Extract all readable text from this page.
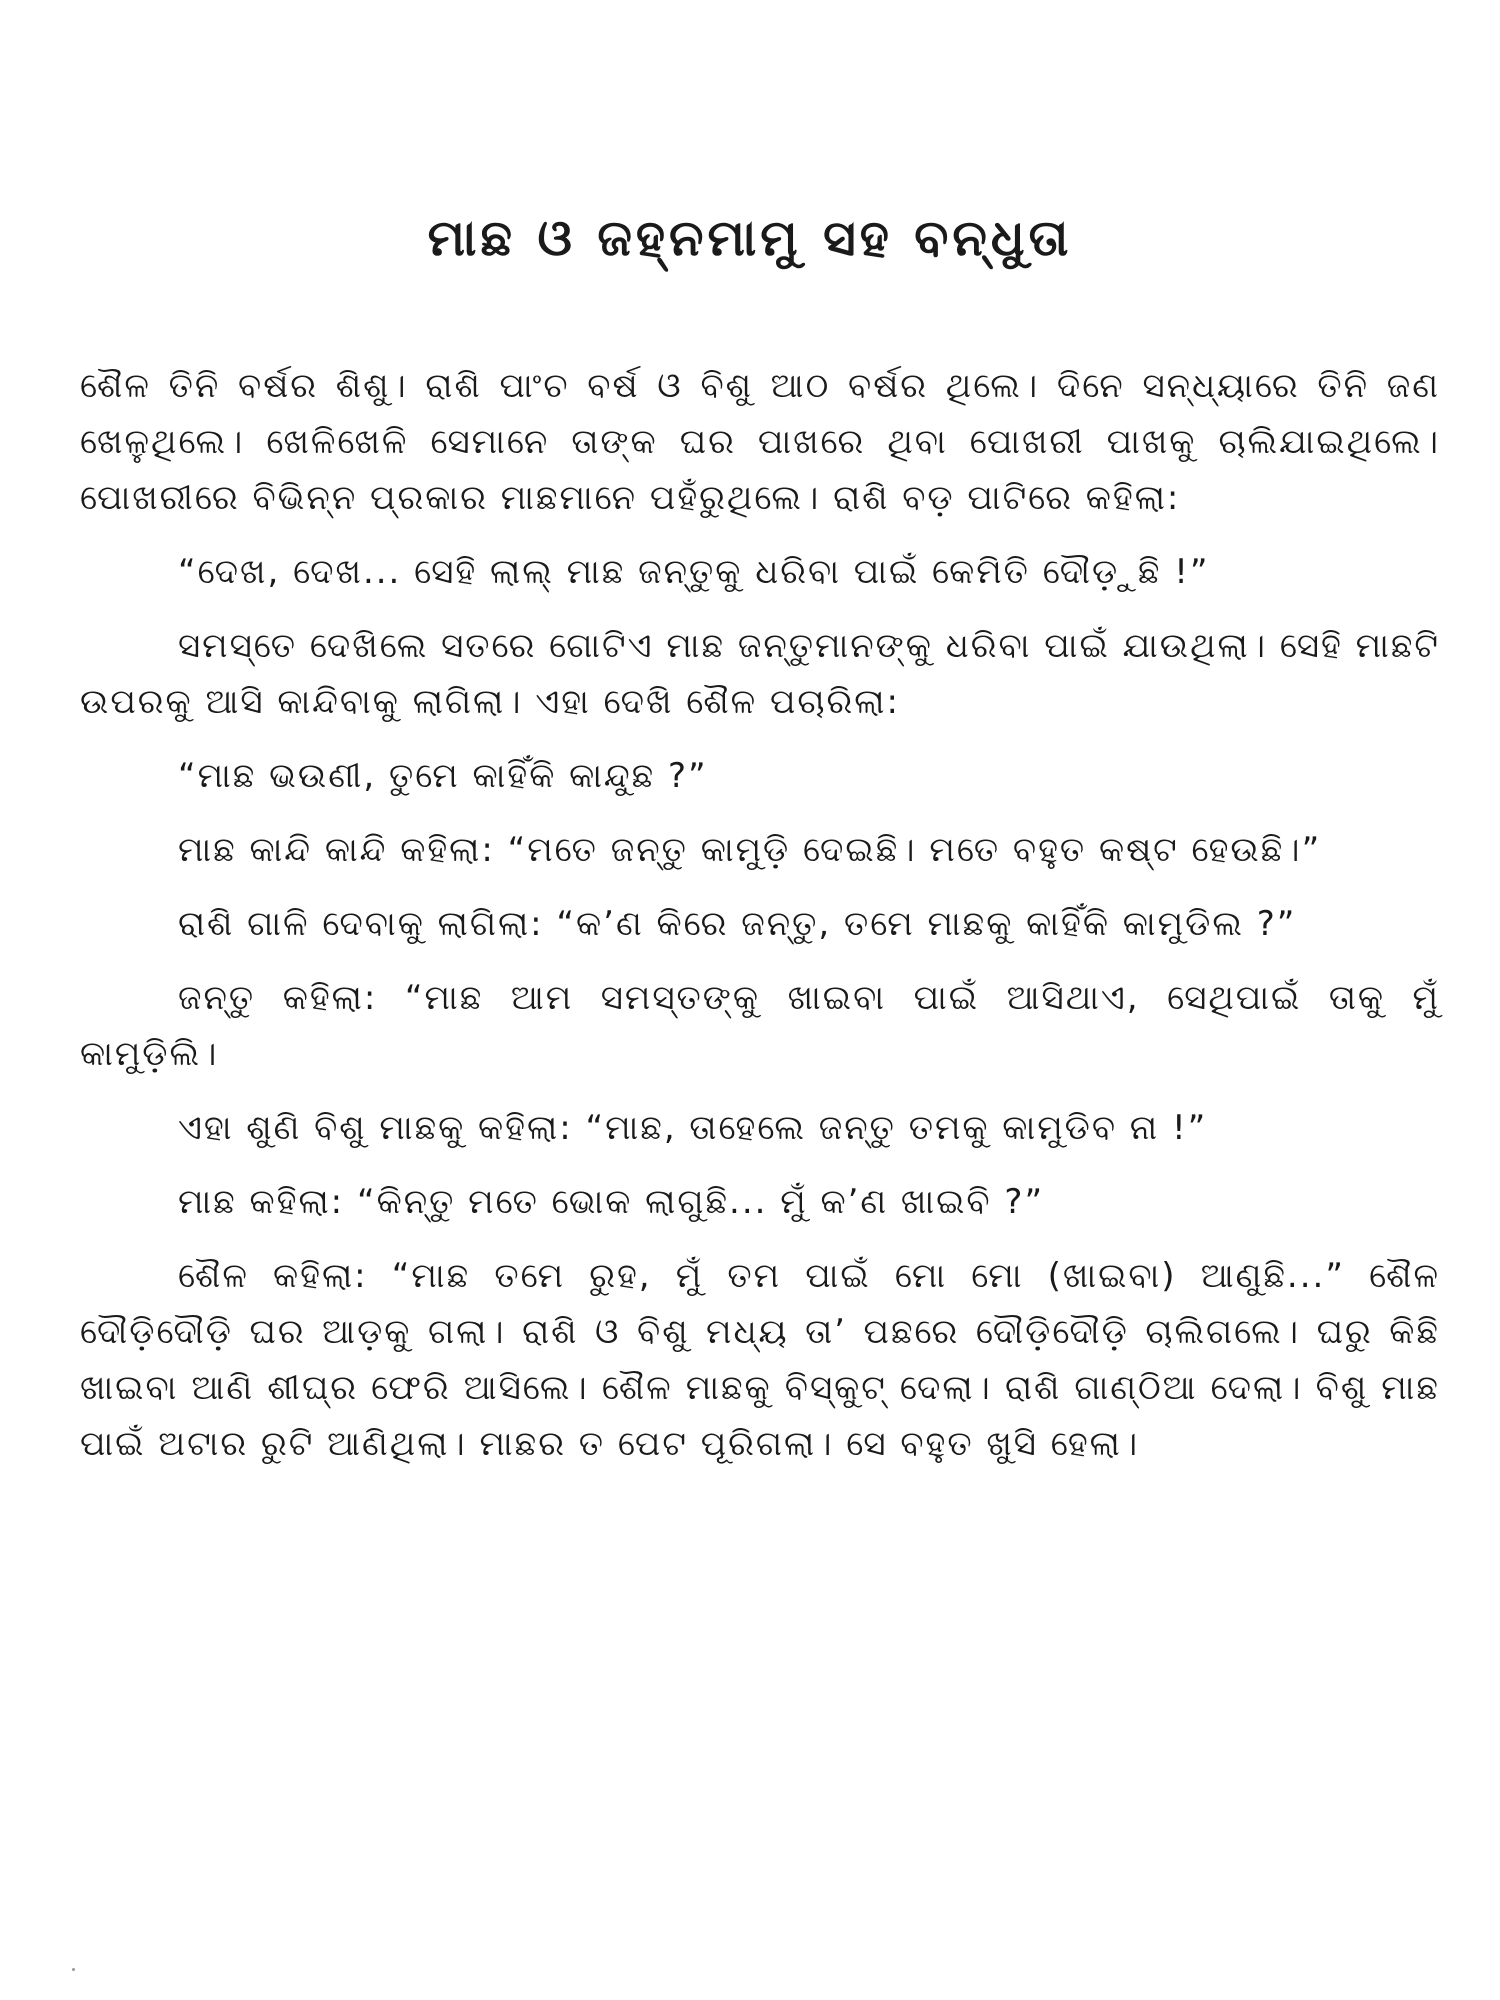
ମାଛ ଓ ଜହ୍ନମାମୁ ସହ ବନ୍ଧୁତା

ଶୈଳ ତିନି ବର୍ଷର ଶିଶୁ। ରାଶି ପାଂଚ ବର୍ଷ ଓ ବିଶୁ ଆଠ ବର୍ଷର ଥିଲେ। ଦିନେ ସନ୍ଧ୍ୟାରେ ତିନି ଜଣ ଖେଳୁଥିଲେ। ଖେଳିଖେଳି ସେମାନେ ତାଙ୍କ ଘର ପାଖରେ ଥିବା ପୋଖରୀ ପାଖକୁ ଚାଲିଯାଇଥିଲେ। ପୋଖରୀରେ ବିଭିନ୍ନ ପ୍ରକାର ମାଛମାନେ ପହଁରୁଥିଲେ। ରାଶି ବଡ଼ ପାଟିରେ କହିଲା:

“ଦେଖ, ଦେଖ... ସେହି ଲାଲ୍ ମାଛ ଜନ୍ତୁକୁ ଧରିବା ପାଇଁ କେମିତି ଦୌଡ଼ୁଛି !”

ସମସ୍ତେ ଦେଖିଲେ ସତରେ ଗୋଟିଏ ମାଛ ଜନ୍ତୁମାନଙ୍କୁ ଧରିବା ପାଇଁ ଯାଉଥିଲା। ସେହି ମାଛଟି ଉପରକୁ ଆସି କାନ୍ଦିବାକୁ ଲାଗିଲା। ଏହା ଦେଖି ଶୈଳ ପଚାରିଲା:

“ମାଛ ଭଉଣୀ, ତୁମେ କାହିଁକି କାନ୍ଦୁଛ ?”

ମାଛ କାନ୍ଦି କାନ୍ଦି କହିଲା: “ମତେ ଜନ୍ତୁ କାମୁଡ଼ି ଦେଇଛି। ମତେ ବହୁତ କଷ୍ଟ ହେଉଛି।”

ରାଶି ଗାଳି ଦେବାକୁ ଲାଗିଲା: “କ’ଣ କିରେ ଜନ୍ତୁ, ତମେ ମାଛକୁ କାହିଁକି କାମୁଡିଲ ?”

ଜନ୍ତୁ କହିଲା: “ମାଛ ଆମ ସମସ୍ତଙ୍କୁ ଖାଇବା ପାଇଁ ଆସିଥାଏ, ସେଥିପାଇଁ ତାକୁ ମୁଁ କାମୁଡ଼ିଲି।

ଏହା ଶୁଣି ବିଶୁ ମାଛକୁ କହିଲା: “ମାଛ, ତାହେଲେ ଜନ୍ତୁ ତମକୁ କାମୁଡିବ ନା !”

ମାଛ କହିଲା: “କିନ୍ତୁ ମତେ ଭୋକ ଲାଗୁଛି... ମୁଁ କ’ଣ ଖାଇବି ?”

ଶୈଳ କହିଲା: “ମାଛ ତମେ ରୁହ, ମୁଁ ତମ ପାଇଁ ମୋ ମୋ (ଖାଇବା) ଆଣୁଛି...” ଶୈଳ ଦୌଡ଼ିଦୌଡ଼ି ଘର ଆଡ଼କୁ ଗଲା। ରାଶି ଓ ବିଶୁ ମଧ୍ୟ ତା’ ପଛରେ ଦୌଡ଼ିଦୌଡ଼ି ଚାଲିଗଲେ। ଘରୁ କିଛି ଖାଇବା ଆଣି ଶୀଘ୍ର ଫେରି ଆସିଲେ। ଶୈଳ ମାଛକୁ ବିସ୍କୁଟ୍ ଦେଲା। ରାଶି ଗାଣ୍ଠିଆ ଦେଲା। ବିଶୁ ମାଛ ପାଇଁ ଅଟାର ରୁଟି ଆଣିଥିଲା। ମାଛର ତ ପେଟ ପୂରିଗଲା। ସେ ବହୁତ ଖୁସି ହେଲା।
